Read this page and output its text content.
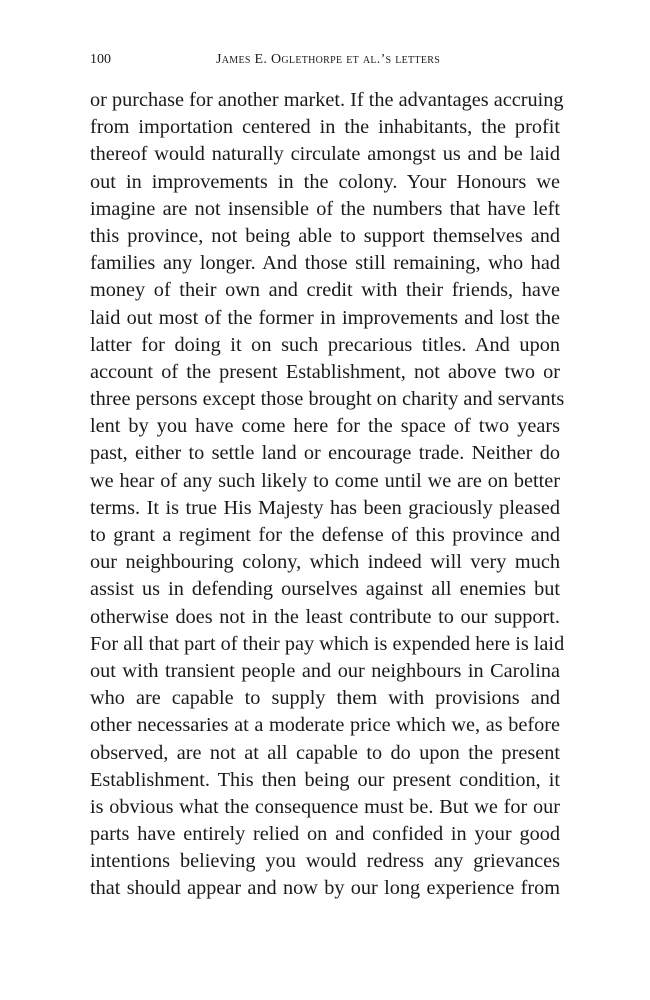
100	James E. Oglethorpe et al.’s letters
or purchase for another market. If the advantages accruing
from importation centered in the inhabitants, the profit
thereof would naturally circulate amongst us and be laid
out in improvements in the colony. Your Honours we
imagine are not insensible of the numbers that have left
this province, not being able to support themselves and
families any longer. And those still remaining, who had
money of their own and credit with their friends, have
laid out most of the former in improvements and lost the
latter for doing it on such precarious titles. And upon
account of the present Establishment, not above two or
three persons except those brought on charity and servants
lent by you have come here for the space of two years
past, either to settle land or encourage trade. Neither do
we hear of any such likely to come until we are on better
terms. It is true His Majesty has been graciously pleased
to grant a regiment for the defense of this province and
our neighbouring colony, which indeed will very much
assist us in defending ourselves against all enemies but
otherwise does not in the least contribute to our support.
For all that part of their pay which is expended here is laid
out with transient people and our neighbours in Carolina
who are capable to supply them with provisions and
other necessaries at a moderate price which we, as before
observed, are not at all capable to do upon the present
Establishment. This then being our present condition, it
is obvious what the consequence must be. But we for our
parts have entirely relied on and confided in your good
intentions believing you would redress any grievances
that should appear and now by our long experience from
